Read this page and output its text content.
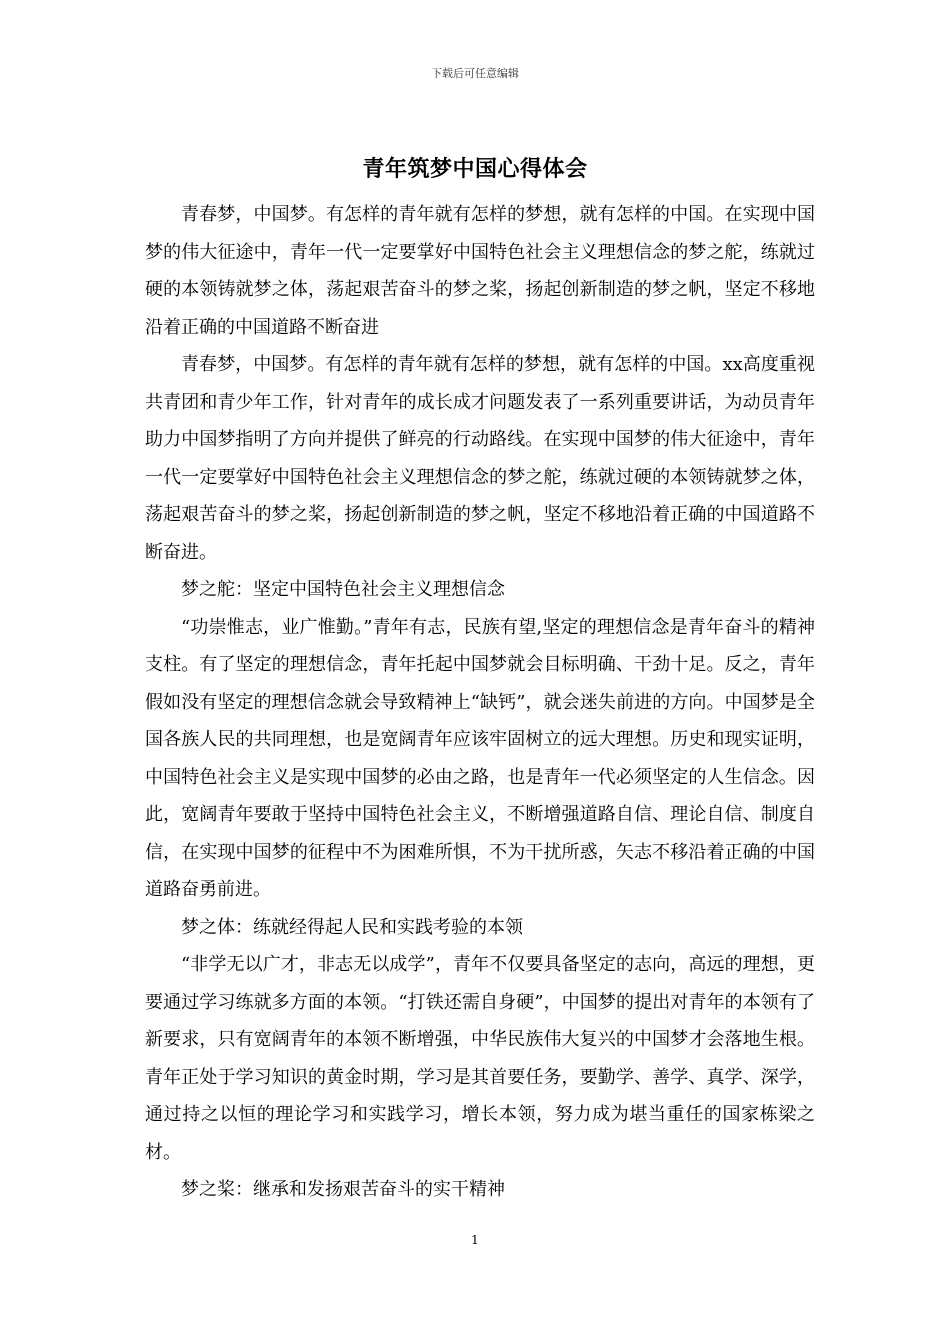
下载后可任意编辑
青年筑梦中国心得体会

青春梦，中国梦。有怎样的青年就有怎样的梦想，就有怎样的中国。在实现中国梦的伟大征途中，青年一代一定要掌好中国特色社会主义理想信念的梦之舵，练就过硬的本领铸就梦之体，荡起艰苦奋斗的梦之桨，扬起创新制造的梦之帆，坚定不移地沿着正确的中国道路不断奋进

青春梦，中国梦。有怎样的青年就有怎样的梦想，就有怎样的中国。xx高度重视共青团和青少年工作，针对青年的成长成才问题发表了一系列重要讲话，为动员青年助力中国梦指明了方向并提供了鲜亮的行动路线。在实现中国梦的伟大征途中，青年一代一定要掌好中国特色社会主义理想信念的梦之舵，练就过硬的本领铸就梦之体，荡起艰苦奋斗的梦之桨，扬起创新制造的梦之帆，坚定不移地沿着正确的中国道路不断奋进。

梦之舵：坚定中国特色社会主义理想信念

“功崇惟志，业广惟勤。”青年有志，民族有望,坚定的理想信念是青年奋斗的精神支柱。有了坚定的理想信念，青年托起中国梦就会目标明确、干劲十足。反之，青年假如没有坚定的理想信念就会导致精神上“缺钙”，就会迷失前进的方向。中国梦是全国各族人民的共同理想，也是宽阔青年应该牢固树立的远大理想。历史和现实证明，中国特色社会主义是实现中国梦的必由之路，也是青年一代必须坚定的人生信念。因此，宽阔青年要敢于坚持中国特色社会主义，不断增强道路自信、理论自信、制度自信，在实现中国梦的征程中不为困难所惧，不为干扰所惑，矢志不移沿着正确的中国道路奋勇前进。

梦之体：练就经得起人民和实践考验的本领

“非学无以广才，非志无以成学”，青年不仅要具备坚定的志向，高远的理想，更要通过学习练就多方面的本领。“打铁还需自身硬”，中国梦的提出对青年的本领有了新要求，只有宽阔青年的本领不断增强，中华民族伟大复兴的中国梦才会落地生根。青年正处于学习知识的黄金时期，学习是其首要任务，要勤学、善学、真学、深学，通过持之以恒的理论学习和实践学习，增长本领，努力成为堪当重任的国家栋梁之材。

梦之桨：继承和发扬艰苦奋斗的实干精神

1
